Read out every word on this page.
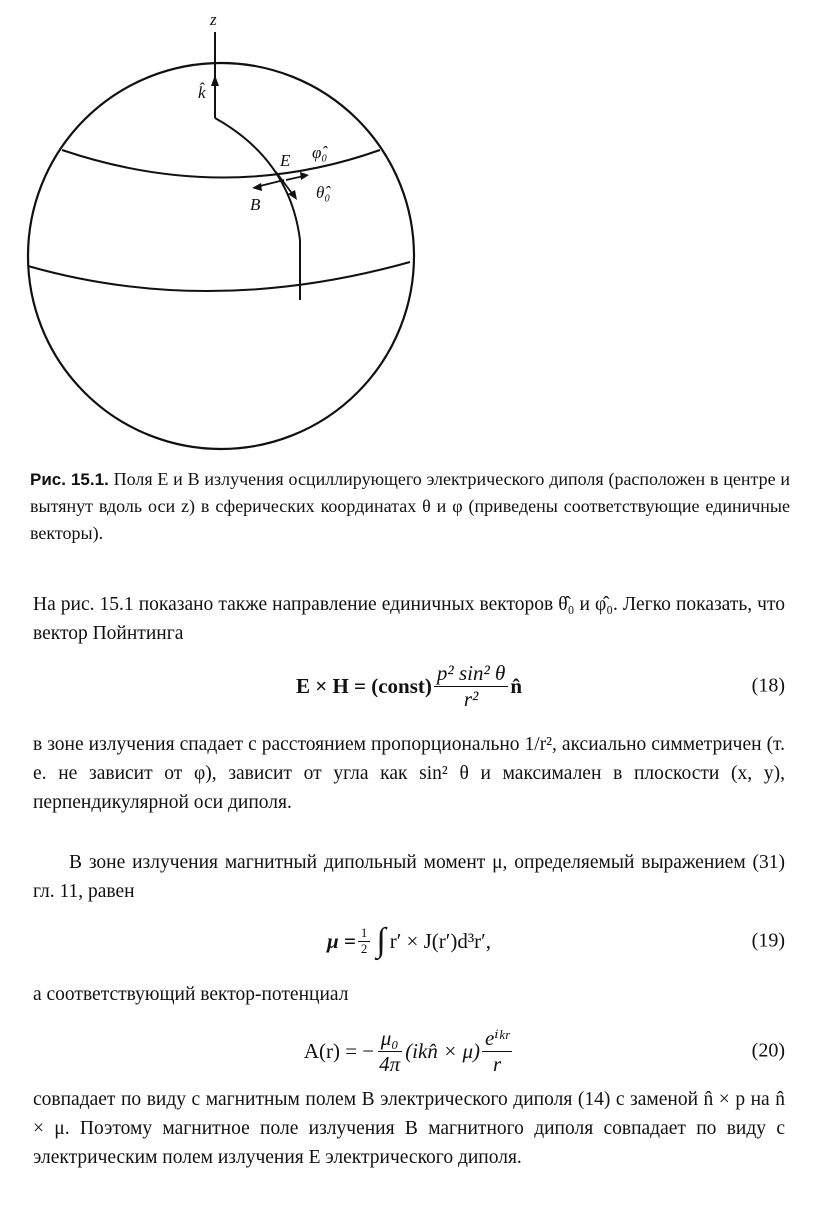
z
k̂
E
B
φ̂₀
θ̂₀
Рис. 15.1. Поля E и B излучения осциллирующего электрического диполя (расположен в центре и вытянут вдоль оси z) в сферических координатах θ и φ (приведены соответствующие единичные векторы).
На рис. 15.1 показано также направление единичных векторов θ̂₀ и φ̂₀. Легко показать, что вектор Пойнтинга
E × H = (const) $\frac{\text{p² sin² θ}}{\text{r²}}$ n̂	(18)
в зоне излучения спадает с расстоянием пропорционально 1/r², аксиально симметричен (т. е. не зависит от φ), зависит от угла как sin² θ и максимален в плоскости (x, y), перпендикулярной оси диполя.
В зоне излучения магнитный дипольный момент μ, определяемый выражением (31) гл. 11, равен
$\mu = \frac{1}{2}$ ∫ r′ × J(r′)d³r′,	(19)
а соответствующий вектор-потенциал
A(r) = − $\frac{\text{μ₀}}{4\pi}$ (ikn̂ × $\mu) \frac{\text{eⁱᵏʳ}}{r}$	(20)
совпадает по виду с магнитным полем B электрического диполя (14) с заменой n̂ × p на n̂ × μ. Поэтому магнитное поле излучения B магнитного диполя совпадает по виду с электрическим полем излучения E электрического диполя.
